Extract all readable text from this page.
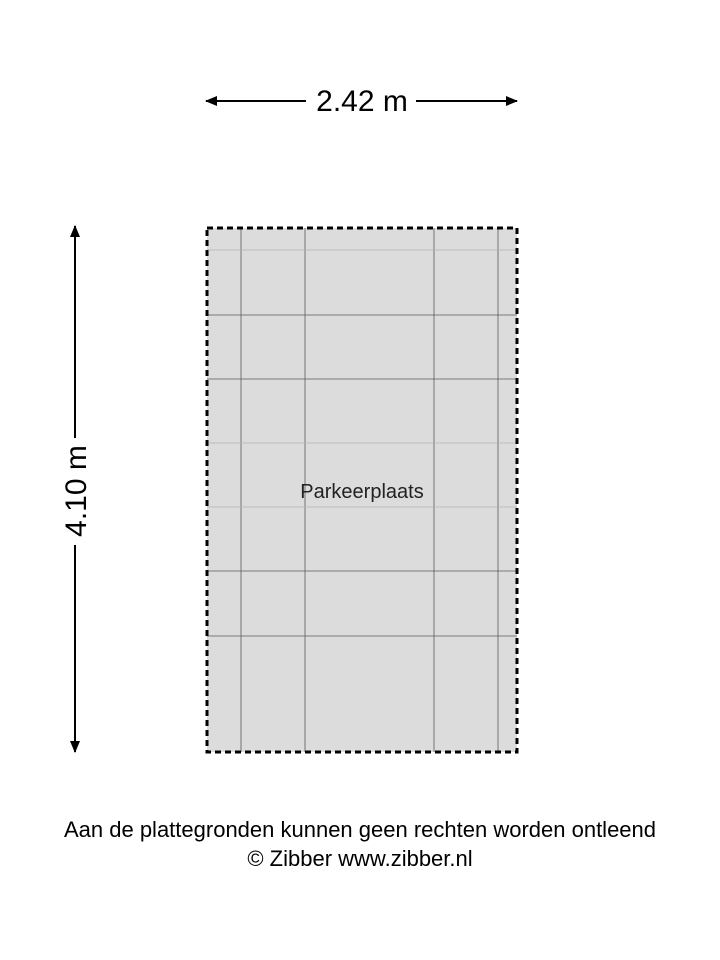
2.42 m
4.10 m	Parkeerplaats
Aan de plattegronden kunnen geen rechten worden ontleend
© Zibber www.zibber.nl
